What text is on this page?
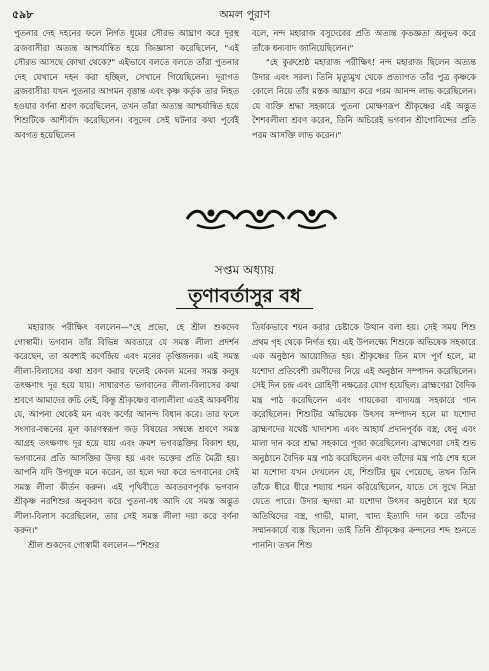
৫৯৮	অমল পুরাণ

পুতনার দেহ দহনের ফলে নির্গত ধূমের সৌরভ আঘ্রাণ করে দূরস্থ ব্রজবাসীরা অত্যন্ত আশ্চর্যান্বিত হয়ে জিজ্ঞাসা করেছিলেন, "এই সৌরভ আসছে কোথা থেকে?" এইভাবে বলতে বলতে তাঁরা পুতনার দেহ যেখানে দহন করা হচ্ছিল, সেখানে গিয়েছিলেন। দূরাগত ব্রজবাসীরা যখন পুতনার আগমন বৃত্তান্ত এবং কৃষ্ণ কর্তৃক তার নিহত হওয়ার বর্ণনা শ্রবণ করেছিলেন, তখন তাঁরা অত্যন্ত আশ্চর্যান্বিত হয়ে শিশুটিকে আশীর্বাদ করেছিলেন। বসুদেব সেই ঘটনার কথা পূর্বেই অবগত হয়েছিলেন

বলে, নন্দ মহারাজ বসুদেবের প্রতি অত্যন্ত কৃতজ্ঞতা অনুভব করে তাঁকে ধন্যবাদ জানিয়েছিলেন।"

"হে কুরুশ্রেষ্ঠ মহারাজ পরীক্ষিৎ! নন্দ মহারাজ ছিলেন অত্যন্ত উদার এবং সরল। তিনি মৃত্যুমুখ থেকে প্রত্যাগত তাঁর পুত্র কৃষ্ণকে কোলে নিয়ে তাঁর মস্তক আঘ্রাণ করে পরম আনন্দ লাভ করেছিলেন। যে ব্যক্তি শ্রদ্ধা সহকারে পুতনা মোক্ষণরূপ শ্রীকৃষ্ণের এই অদ্ভুত শৈশবলীলা শ্রবণ করেন, তিনি অচিরেই ভগবান শ্রীগোবিন্দের প্রতি পরম আসক্তি লাভ করেন।"

সপ্তম অধ্যায়
তৃণাবর্তাসুর বধ

মহারাজ পরীক্ষিৎ বললেন—"হে প্রভো, হে শ্রীল শুকদেব গোস্বামী। ভগবান তাঁর বিভিন্ন অবতারে যে সমস্ত লীলা প্রদর্শন করেছেন, তা অবশ্যই কর্ণেন্দ্রিয় এবং মনের তৃপ্তিজনক। এই সমস্ত লীলা-বিলাসের কথা শ্রবণ করার ফলেই কেবল মনের সমস্ত কলুষ তৎক্ষণাৎ দূর হয়ে যায়। সাধারণত ভগবানের লীলা-বিলাসের কথা শ্রবণে আমাদের রুচি নেই, কিন্তু শ্রীকৃষ্ণের বাল্যলীলা এতই আকর্ষণীয় যে, আপনা থেকেই মন এবং কর্ণের আনন্দ বিধান করে। তার ফলে সংসার-বন্ধনের মূল কারণস্বরূপ জড় বিষয়ের সম্বন্ধে শ্রবণে সমস্ত আগ্রহ তৎক্ষণাৎ দূর হয়ে যায় এবং ক্রমশ ভগবদ্ভক্তির বিকাশ হয়, ভগবানের প্রতি আসক্তির উদয় হয় এবং ভক্তের প্রতি মৈত্রী হয়। আপনি যদি উপযুক্ত মনে করেন, তা হলে দয়া করে ভগবানের সেই সমস্ত লীলা কীর্তন করুন। এই পৃথিবীতে অবতরণপূর্বক ভগবান শ্রীকৃষ্ণ নরশিশুর অনুকরণ করে পুতনা-বধ আদি যে সমস্ত অদ্ভুত লীলা-বিলাস করেছিলেন, তার সেই সমস্ত লীলা দয়া করে বর্ণনা করুন।"

শ্রীল শুকদেব গোস্বামী বললেন—"শিশুর

তির্যকভাবে শয়ন করার চেষ্টাকে উত্থান বলা হয়। সেই সময় শিশু প্রথম গৃহ থেকে নির্গত হয়। এই উপলক্ষ্যে শিশুকে অভিষেক সহকারে এক অনুষ্ঠান আয়োজিত হয়। শ্রীকৃষ্ণের তিন মাস পূর্ণ হলে, মা যশোদা প্রতিবেশী রমণীদের নিয়ে এই অনুষ্ঠান সম্পাদন করেছিলেন। সেই দিন চন্দ্র এবং রোহিণী নক্ষত্রের যোগ হয়েছিল। ব্রাহ্মণেরা বৈদিক মন্ত্র পাঠ করেছিলেন এবং গায়কেরা বাদ্যযন্ত্র সহকারে গান করেছিলেন। শিশুটির অভিষেক উৎসব সম্পাদন হলে মা যশোদা ব্রাহ্মণদের যথেষ্ট খাদ্যশস্য এবং আহার্য প্রদানপূর্বক বস্ত্র, ধেনু এবং মালা দান করে শ্রদ্ধা সহকারে পূজা করেছিলেন। ব্রাহ্মণেরা সেই শুভ অনুষ্ঠানে বৈদিক মন্ত্র পাঠ করেছিলেন এবং তাঁদের মন্ত্র পাঠ শেষ হলে মা যশোদা যখন দেখলেন যে, শিশুটির ঘুম পেয়েছে, তখন তিনি তাঁকে ধীরে ধীরে শয্যায় শয়ন করিয়েছিলেন, যাতে সে সুখে নিদ্রা যেতে পারে। উদার হৃদয়া মা যশোদা উৎসব অনুষ্ঠানে মগ্ন হয়ে অতিথিদের বস্ত্র, গাভী, মালা, খাদ্য ইত্যাদি দান করে তাঁদের সম্মানকার্যে ব্যস্ত ছিলেন। তাই তিনি শ্রীকৃষ্ণের ক্রন্দনের শব্দ শুনতে পাননি। তখন শিশু
